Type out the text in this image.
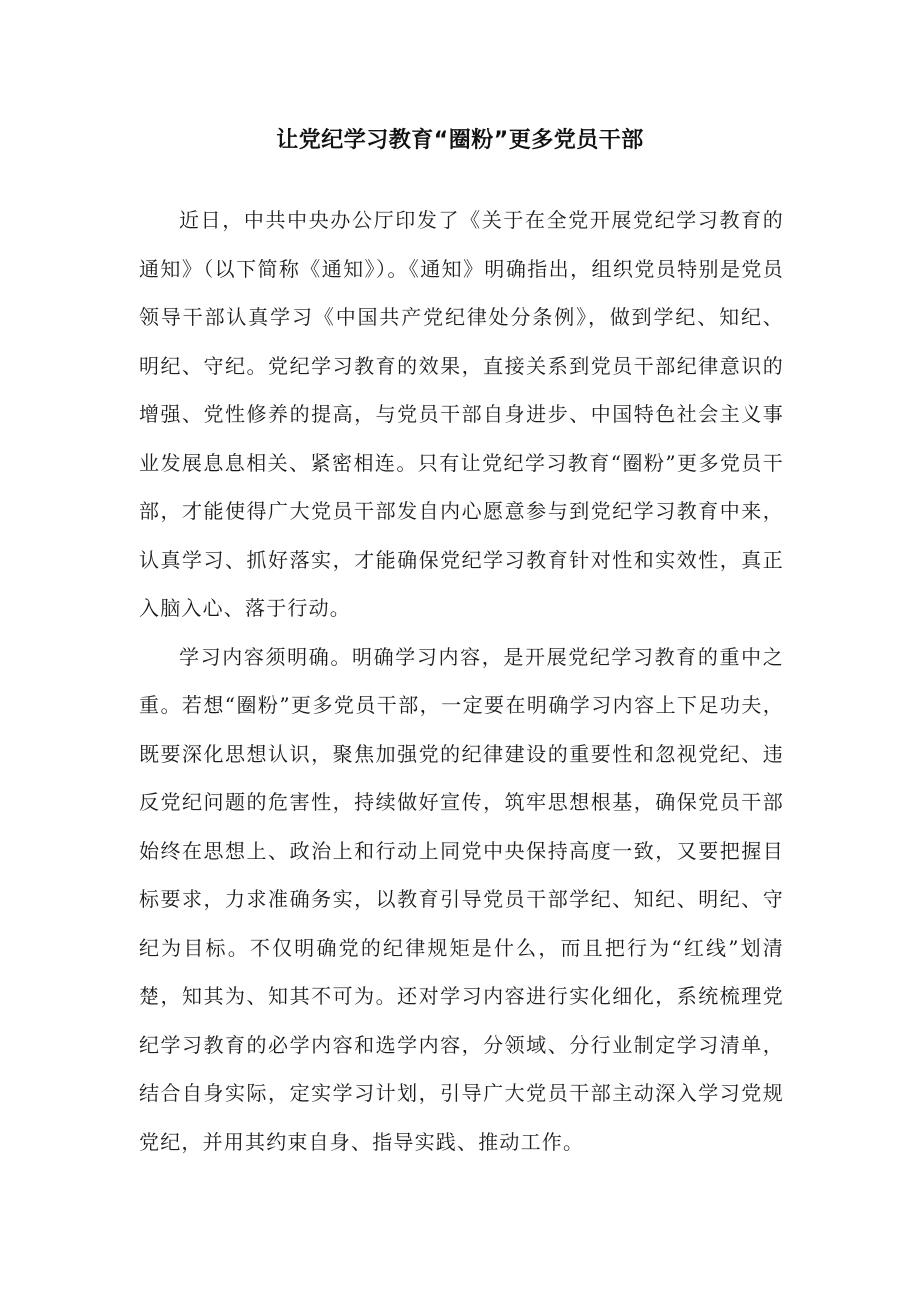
让党纪学习教育“圈粉”更多党员干部

近日，中共中央办公厅印发了《关于在全党开展党纪学习教育的通知》（以下简称《通知》）。《通知》明确指出，组织党员特别是党员领导干部认真学习《中国共产党纪律处分条例》，做到学纪、知纪、明纪、守纪。党纪学习教育的效果，直接关系到党员干部纪律意识的增强、党性修养的提高，与党员干部自身进步、中国特色社会主义事业发展息息相关、紧密相连。只有让党纪学习教育“圈粉”更多党员干部，才能使得广大党员干部发自内心愿意参与到党纪学习教育中来，认真学习、抓好落实，才能确保党纪学习教育针对性和实效性，真正入脑入心、落于行动。

学习内容须明确。明确学习内容，是开展党纪学习教育的重中之重。若想“圈粉”更多党员干部，一定要在明确学习内容上下足功夫，既要深化思想认识，聚焦加强党的纪律建设的重要性和忽视党纪、违反党纪问题的危害性，持续做好宣传，筑牢思想根基，确保党员干部始终在思想上、政治上和行动上同党中央保持高度一致，又要把握目标要求，力求准确务实，以教育引导党员干部学纪、知纪、明纪、守纪为目标。不仅明确党的纪律规矩是什么，而且把行为“红线”划清楚，知其为、知其不可为。还对学习内容进行实化细化，系统梳理党纪学习教育的必学内容和选学内容，分领域、分行业制定学习清单，结合自身实际，定实学习计划，引导广大党员干部主动深入学习党规党纪，并用其约束自身、指导实践、推动工作。
